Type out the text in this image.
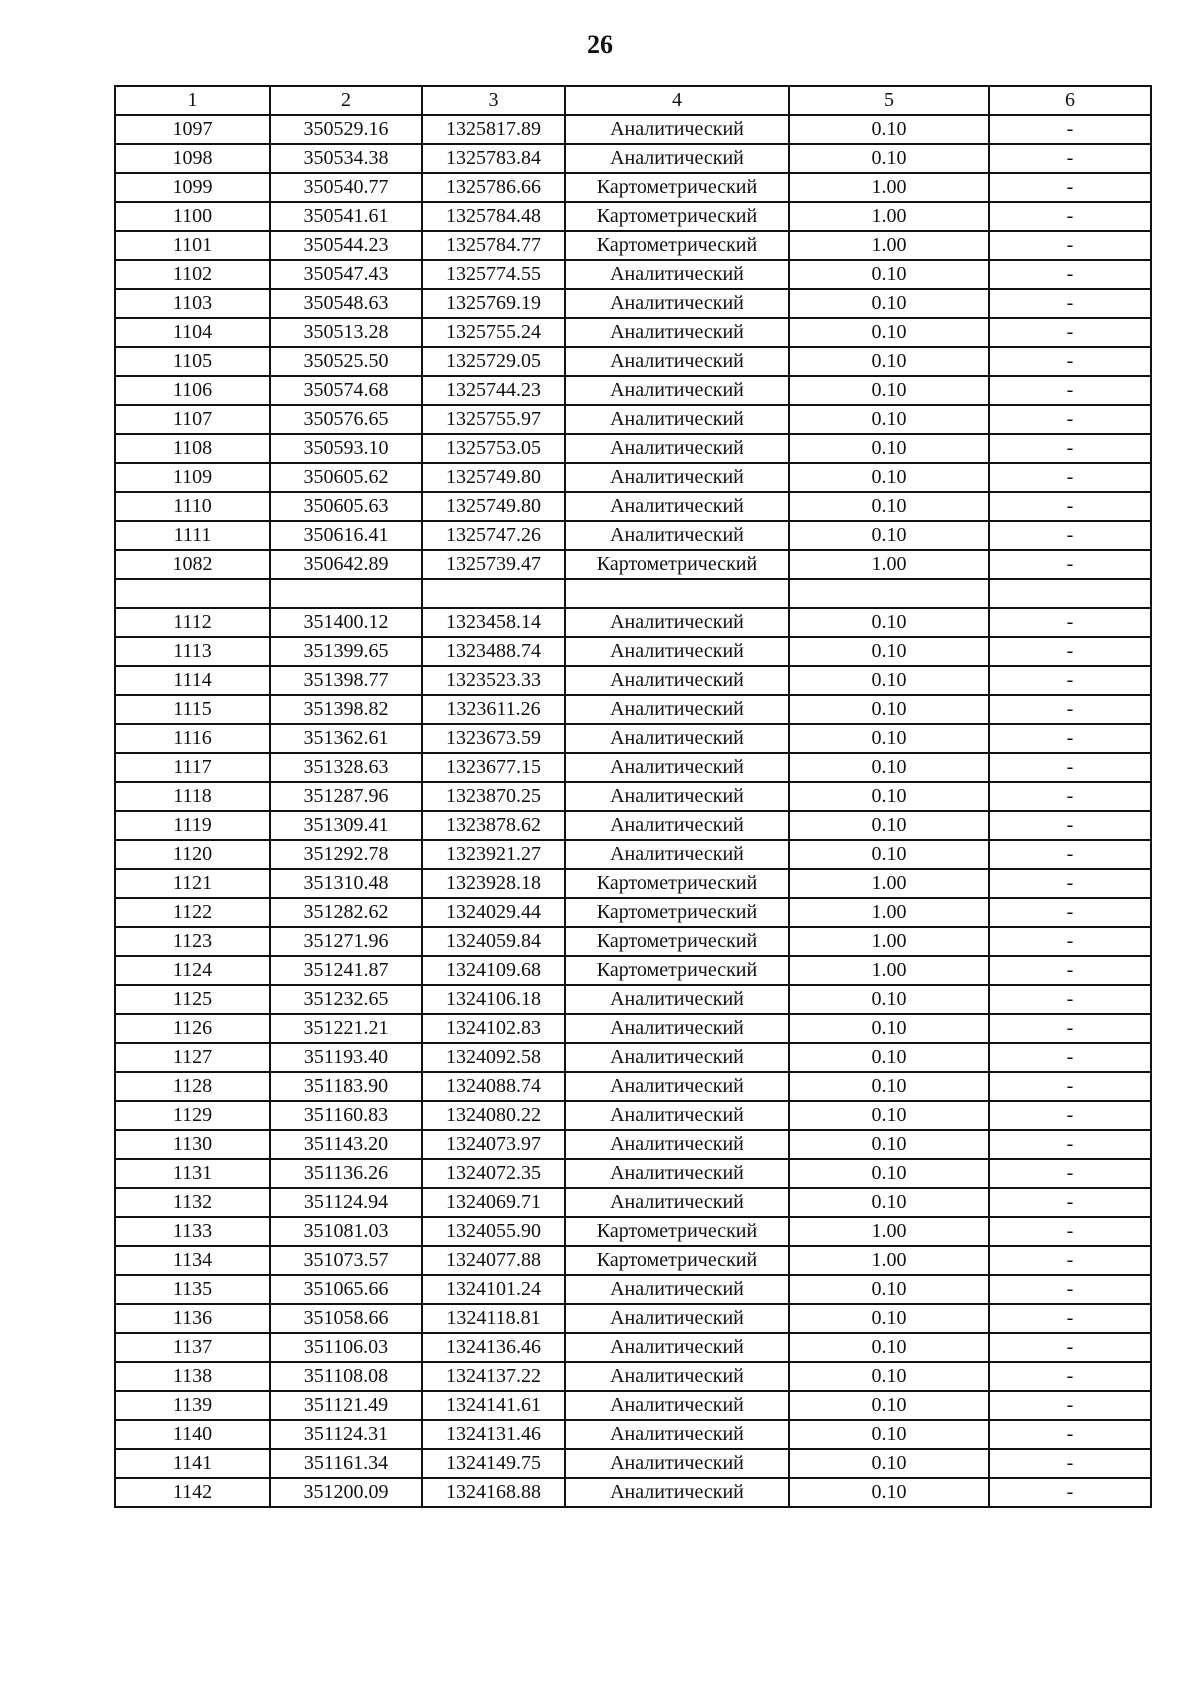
26
1	2	3	4	5	6
1097	350529.16	1325817.89	Аналитический	0.10	-
1098	350534.38	1325783.84	Аналитический	0.10	-
1099	350540.77	1325786.66	Картометрический	1.00	-
1100	350541.61	1325784.48	Картометрический	1.00	-
1101	350544.23	1325784.77	Картометрический	1.00	-
1102	350547.43	1325774.55	Аналитический	0.10	-
1103	350548.63	1325769.19	Аналитический	0.10	-
1104	350513.28	1325755.24	Аналитический	0.10	-
1105	350525.50	1325729.05	Аналитический	0.10	-
1106	350574.68	1325744.23	Аналитический	0.10	-
1107	350576.65	1325755.97	Аналитический	0.10	-
1108	350593.10	1325753.05	Аналитический	0.10	-
1109	350605.62	1325749.80	Аналитический	0.10	-
1110	350605.63	1325749.80	Аналитический	0.10	-
1111	350616.41	1325747.26	Аналитический	0.10	-
1082	350642.89	1325739.47	Картометрический	1.00	-

1112	351400.12	1323458.14	Аналитический	0.10	-
1113	351399.65	1323488.74	Аналитический	0.10	-
1114	351398.77	1323523.33	Аналитический	0.10	-
1115	351398.82	1323611.26	Аналитический	0.10	-
1116	351362.61	1323673.59	Аналитический	0.10	-
1117	351328.63	1323677.15	Аналитический	0.10	-
1118	351287.96	1323870.25	Аналитический	0.10	-
1119	351309.41	1323878.62	Аналитический	0.10	-
1120	351292.78	1323921.27	Аналитический	0.10	-
1121	351310.48	1323928.18	Картометрический	1.00	-
1122	351282.62	1324029.44	Картометрический	1.00	-
1123	351271.96	1324059.84	Картометрический	1.00	-
1124	351241.87	1324109.68	Картометрический	1.00	-
1125	351232.65	1324106.18	Аналитический	0.10	-
1126	351221.21	1324102.83	Аналитический	0.10	-
1127	351193.40	1324092.58	Аналитический	0.10	-
1128	351183.90	1324088.74	Аналитический	0.10	-
1129	351160.83	1324080.22	Аналитический	0.10	-
1130	351143.20	1324073.97	Аналитический	0.10	-
1131	351136.26	1324072.35	Аналитический	0.10	-
1132	351124.94	1324069.71	Аналитический	0.10	-
1133	351081.03	1324055.90	Картометрический	1.00	-
1134	351073.57	1324077.88	Картометрический	1.00	-
1135	351065.66	1324101.24	Аналитический	0.10	-
1136	351058.66	1324118.81	Аналитический	0.10	-
1137	351106.03	1324136.46	Аналитический	0.10	-
1138	351108.08	1324137.22	Аналитический	0.10	-
1139	351121.49	1324141.61	Аналитический	0.10	-
1140	351124.31	1324131.46	Аналитический	0.10	-
1141	351161.34	1324149.75	Аналитический	0.10	-
1142	351200.09	1324168.88	Аналитический	0.10	-
